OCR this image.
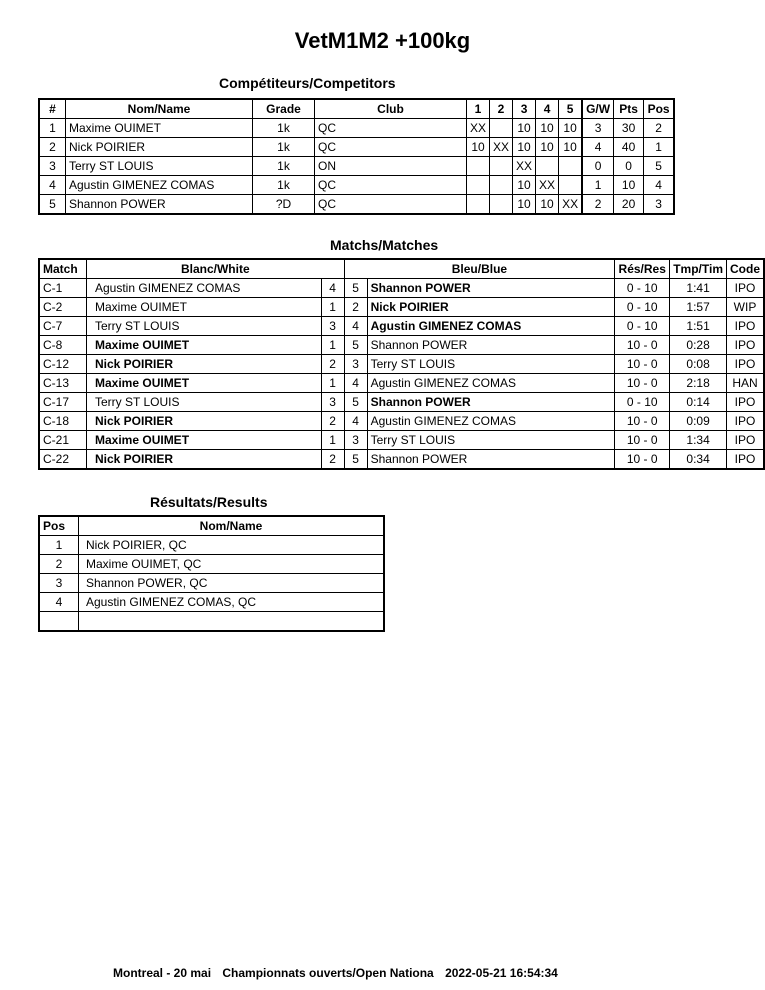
VetM1M2 +100kg
Compétiteurs/Competitors
#	Nom/Name	Grade	Club	1	2	3	4	5	G/W	Pts	Pos
1	Maxime OUIMET	1k	QC	XX		10	10	10	3	30	2
2	Nick POIRIER	1k	QC	10	XX	10	10	10	4	40	1
3	Terry ST LOUIS	1k	ON			XX			0	0	5
4	Agustin GIMENEZ COMAS	1k	QC			10	XX		1	10	4
5	Shannon POWER	?D	QC			10	10	XX	2	20	3
Matchs/Matches
Match	Blanc/White		Bleu/Blue		Rés/Res	Tmp/Tim	Code
C-1	Agustin GIMENEZ COMAS	4	5	Shannon POWER	0 - 10	1:41	IPO
C-2	Maxime OUIMET	1	2	Nick POIRIER	0 - 10	1:57	WIP
C-7	Terry ST LOUIS	3	4	Agustin GIMENEZ COMAS	0 - 10	1:51	IPO
C-8	Maxime OUIMET	1	5	Shannon POWER	10 - 0	0:28	IPO
C-12	Nick POIRIER	2	3	Terry ST LOUIS	10 - 0	0:08	IPO
C-13	Maxime OUIMET	1	4	Agustin GIMENEZ COMAS	10 - 0	2:18	HAN
C-17	Terry ST LOUIS	3	5	Shannon POWER	0 - 10	0:14	IPO
C-18	Nick POIRIER	2	4	Agustin GIMENEZ COMAS	10 - 0	0:09	IPO
C-21	Maxime OUIMET	1	3	Terry ST LOUIS	10 - 0	1:34	IPO
C-22	Nick POIRIER	2	5	Shannon POWER	10 - 0	0:34	IPO
Résultats/Results
Pos	Nom/Name
1	Nick POIRIER, QC
2	Maxime OUIMET, QC
3	Shannon POWER, QC
4	Agustin GIMENEZ COMAS, QC

Montreal - 20 mai Championnats ouverts/Open Nationa 2022-05-21 16:54:34
